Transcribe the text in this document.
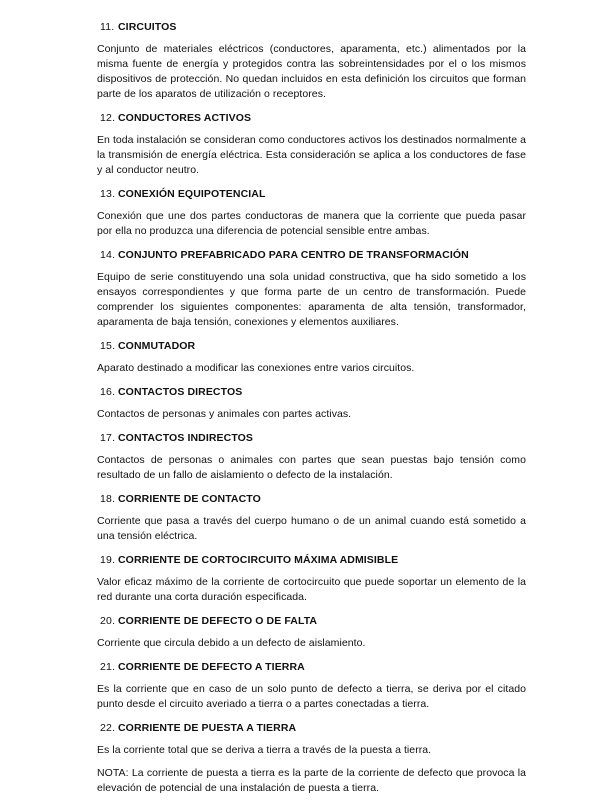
11. CIRCUITOS

Conjunto de materiales eléctricos (conductores, aparamenta, etc.) alimentados por la misma fuente de energía y protegidos contra las sobreintensidades por el o los mismos dispositivos de protección. No quedan incluidos en esta definición los circuitos que forman parte de los aparatos de utilización o receptores.

12. CONDUCTORES ACTIVOS

En toda instalación se consideran como conductores activos los destinados normalmente a la transmisión de energía eléctrica. Esta consideración se aplica a los conductores de fase y al conductor neutro.

13. CONEXIÓN EQUIPOTENCIAL

Conexión que une dos partes conductoras de manera que la corriente que pueda pasar por ella no produzca una diferencia de potencial sensible entre ambas.

14. CONJUNTO PREFABRICADO PARA CENTRO DE TRANSFORMACIÓN

Equipo de serie constituyendo una sola unidad constructiva, que ha sido sometido a los ensayos correspondientes y que forma parte de un centro de transformación. Puede comprender los siguientes componentes: aparamenta de alta tensión, transformador, aparamenta de baja tensión, conexiones y elementos auxiliares.

15. CONMUTADOR

Aparato destinado a modificar las conexiones entre varios circuitos.

16. CONTACTOS DIRECTOS

Contactos de personas y animales con partes activas.

17. CONTACTOS INDIRECTOS

Contactos de personas o animales con partes que sean puestas bajo tensión como resultado de un fallo de aislamiento o defecto de la instalación.

18. CORRIENTE DE CONTACTO

Corriente que pasa a través del cuerpo humano o de un animal cuando está sometido a una tensión eléctrica.

19. CORRIENTE DE CORTOCIRCUITO MÁXIMA ADMISIBLE

Valor eficaz máximo de la corriente de cortocircuito que puede soportar un elemento de la red durante una corta duración especificada.

20. CORRIENTE DE DEFECTO O DE FALTA

Corriente que circula debido a un defecto de aislamiento.

21. CORRIENTE DE DEFECTO A TIERRA

Es la corriente que en caso de un solo punto de defecto a tierra, se deriva por el citado punto desde el circuito averiado a tierra o a partes conectadas a tierra.

22. CORRIENTE DE PUESTA A TIERRA

Es la corriente total que se deriva a tierra a través de la puesta a tierra.

NOTA: La corriente de puesta a tierra es la parte de la corriente de defecto que provoca la elevación de potencial de una instalación de puesta a tierra.
